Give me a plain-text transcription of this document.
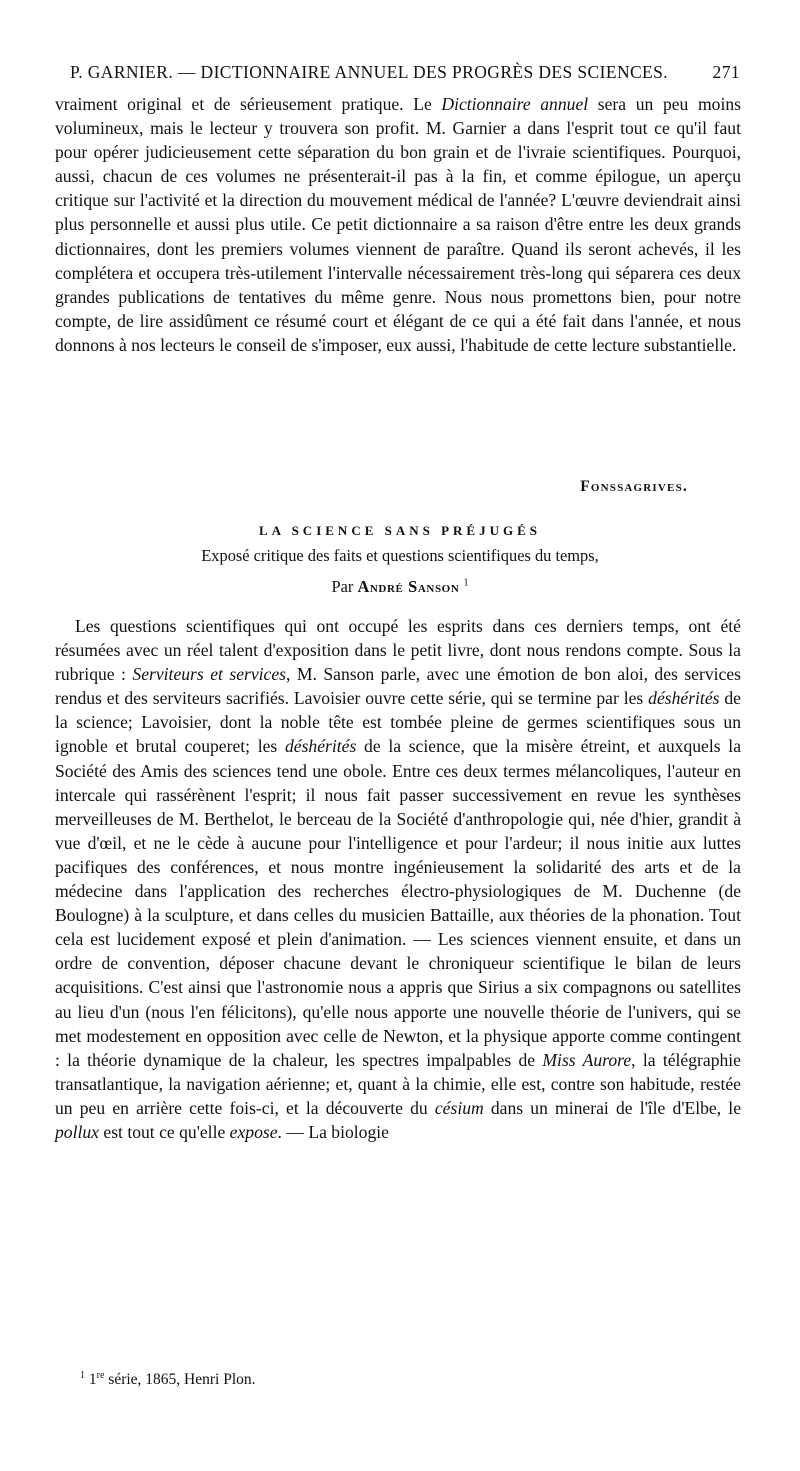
P. GARNIER. — DICTIONNAIRE ANNUEL DES PROGRÈS DES SCIENCES.	271

vraiment original et de sérieusement pratique. Le Dictionnaire annuel sera un peu moins volumineux, mais le lecteur y trouvera son profit. M. Garnier a dans l'esprit tout ce qu'il faut pour opérer judicieusement cette séparation du bon grain et de l'ivraie scientifiques. Pourquoi, aussi, chacun de ces volumes ne présenterait-il pas à la fin, et comme épilogue, un aperçu critique sur l'activité et la direction du mouvement médical de l'année? L'œuvre deviendrait ainsi plus personnelle et aussi plus utile. Ce petit dictionnaire a sa raison d'être entre les deux grands dictionnaires, dont les premiers volumes viennent de paraître. Quand ils seront achevés, il les complétera et occupera très-utilement l'intervalle nécessairement très-long qui séparera ces deux grandes publications de tentatives du même genre. Nous nous promettons bien, pour notre compte, de lire assidûment ce résumé court et élégant de ce qui a été fait dans l'année, et nous donnons à nos lecteurs le conseil de s'imposer, eux aussi, l'habitude de cette lecture substantielle.

Fonssagrives.
LA SCIENCE SANS PRÉJUGÉS
Exposé critique des faits et questions scientifiques du temps,
Par André Sanson $^1$

Les questions scientifiques qui ont occupé les esprits dans ces derniers temps, ont été résumées avec un réel talent d'exposition dans le petit livre, dont nous rendons compte. Sous la rubrique : Serviteurs et services, M. Sanson parle, avec une émotion de bon aloi, des services rendus et des serviteurs sacrifiés. Lavoisier ouvre cette série, qui se termine par les déshérités de la science; Lavoisier, dont la noble tête est tombée pleine de germes scientifiques sous un ignoble et brutal couperet; les déshérités de la science, que la misère étreint, et auxquels la Société des Amis des sciences tend une obole. Entre ces deux termes mélancoliques, l'auteur en intercale qui rassérènent l'esprit; il nous fait passer successivement en revue les synthèses merveilleuses de M. Berthelot, le berceau de la Société d'anthropologie qui, née d'hier, grandit à vue d'œil, et ne le cède à aucune pour l'intelligence et pour l'ardeur; il nous initie aux luttes pacifiques des conférences, et nous montre ingénieusement la solidarité des arts et de la médecine dans l'application des recherches électro-physiologiques de M. Duchenne (de Boulogne) à la sculpture, et dans celles du musicien Battaille, aux théories de la phonation. Tout cela est lucidement exposé et plein d'animation. — Les sciences viennent ensuite, et dans un ordre de convention, déposer chacune devant le chroniqueur scientifique le bilan de leurs acquisitions. C'est ainsi que l'astronomie nous a appris que Sirius a six compagnons ou satellites au lieu d'un (nous l'en félicitons), qu'elle nous apporte une nouvelle théorie de l'univers, qui se met modestement en opposition avec celle de Newton, et la physique apporte comme contingent : la théorie dynamique de la chaleur, les spectres impalpables de Miss Aurore, la télégraphie transatlantique, la navigation aérienne; et, quant à la chimie, elle est, contre son habitude, restée un peu en arrière cette fois-ci, et la découverte du césium dans un minerai de l'île d'Elbe, le pollux est tout ce qu'elle expose. — La biologie

$^1$ 1re série, 1865, Henri Plon.
